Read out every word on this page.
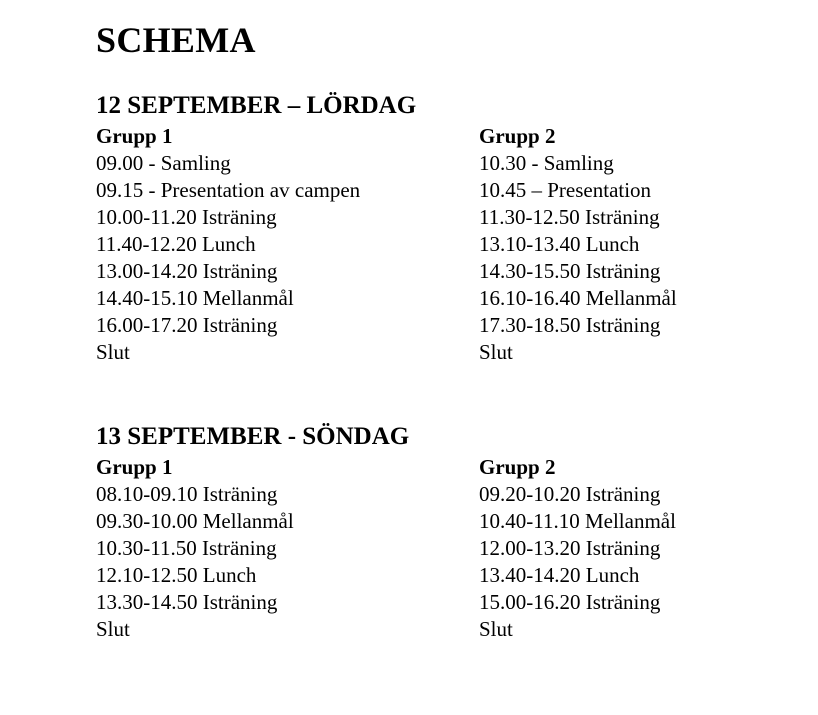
SCHEMA
12 SEPTEMBER – LÖRDAG

Grupp 1

09.00 - Samling

09.15 - Presentation av campen

10.00-11.20 Isträning

11.40-12.20 Lunch

13.00-14.20 Isträning

14.40-15.10 Mellanmål

16.00-17.20 Isträning

Slut

Grupp 2

10.30 - Samling

10.45 – Presentation

11.30-12.50 Isträning

13.10-13.40 Lunch

14.30-15.50 Isträning

16.10-16.40 Mellanmål

17.30-18.50 Isträning

Slut

13 SEPTEMBER - SÖNDAG

Grupp 1

08.10-09.10 Isträning

09.30-10.00 Mellanmål

10.30-11.50 Isträning

12.10-12.50 Lunch

13.30-14.50 Isträning

Slut

Grupp 2

09.20-10.20 Isträning

10.40-11.10 Mellanmål

12.00-13.20 Isträning

13.40-14.20 Lunch

15.00-16.20 Isträning

Slut
